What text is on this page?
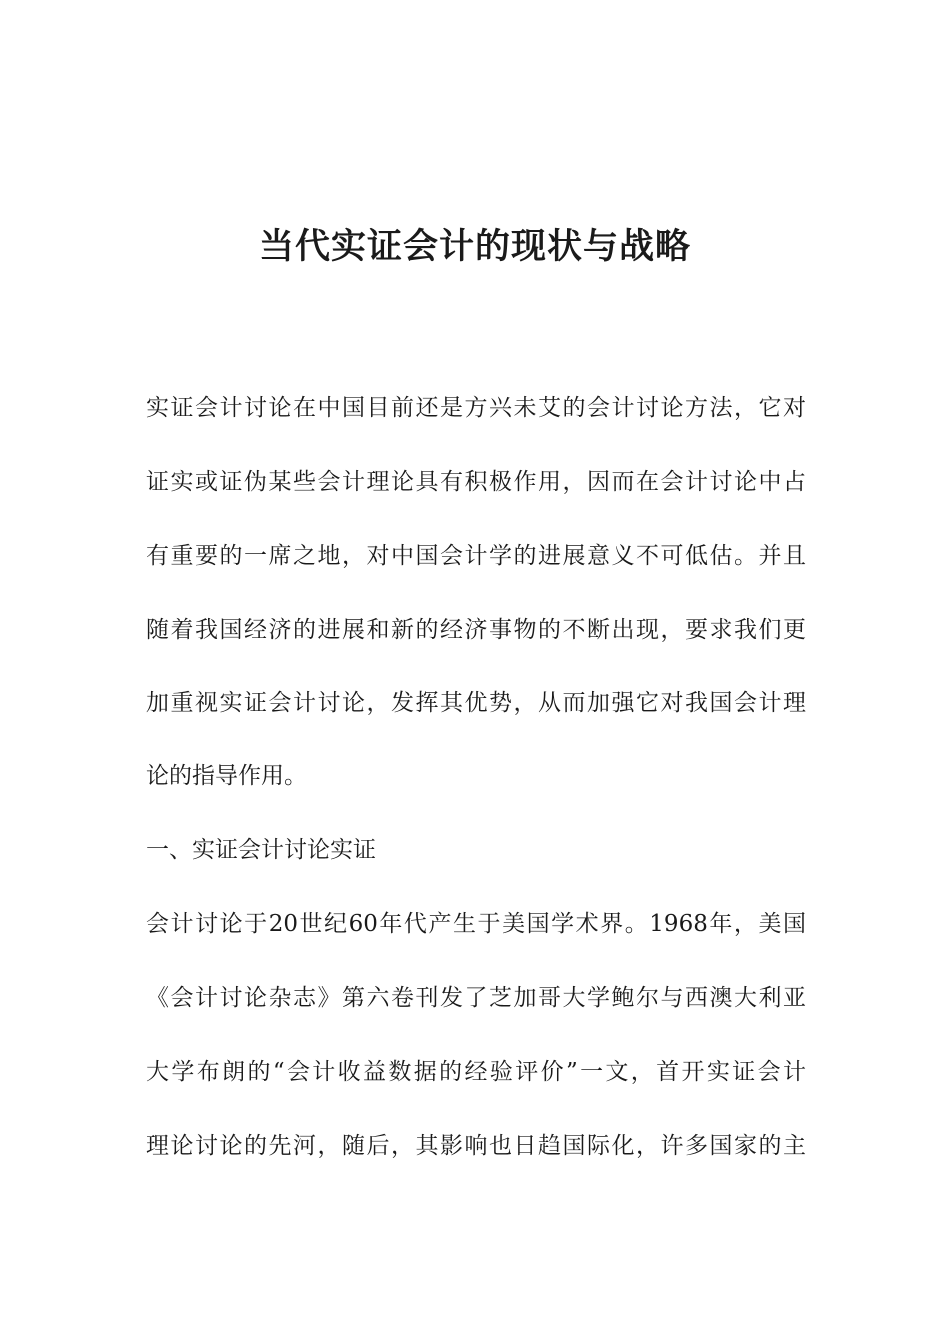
当代实证会计的现状与战略

实证会计讨论在中国目前还是方兴未艾的会计讨论方法，它对

证实或证伪某些会计理论具有积极作用，因而在会计讨论中占

有重要的一席之地，对中国会计学的进展意义不可低估。并且

随着我国经济的进展和新的经济事物的不断出现，要求我们更

加重视实证会计讨论，发挥其优势，从而加强它对我国会计理

论的指导作用。

一、实证会计讨论实证

会计讨论于20世纪60年代产生于美国学术界。1968年，美国

《会计讨论杂志》第六卷刊发了芝加哥大学鲍尔与西澳大利亚

大学布朗的“会计收益数据的经验评价”一文，首开实证会计

理论讨论的先河，随后，其影响也日趋国际化，许多国家的主
